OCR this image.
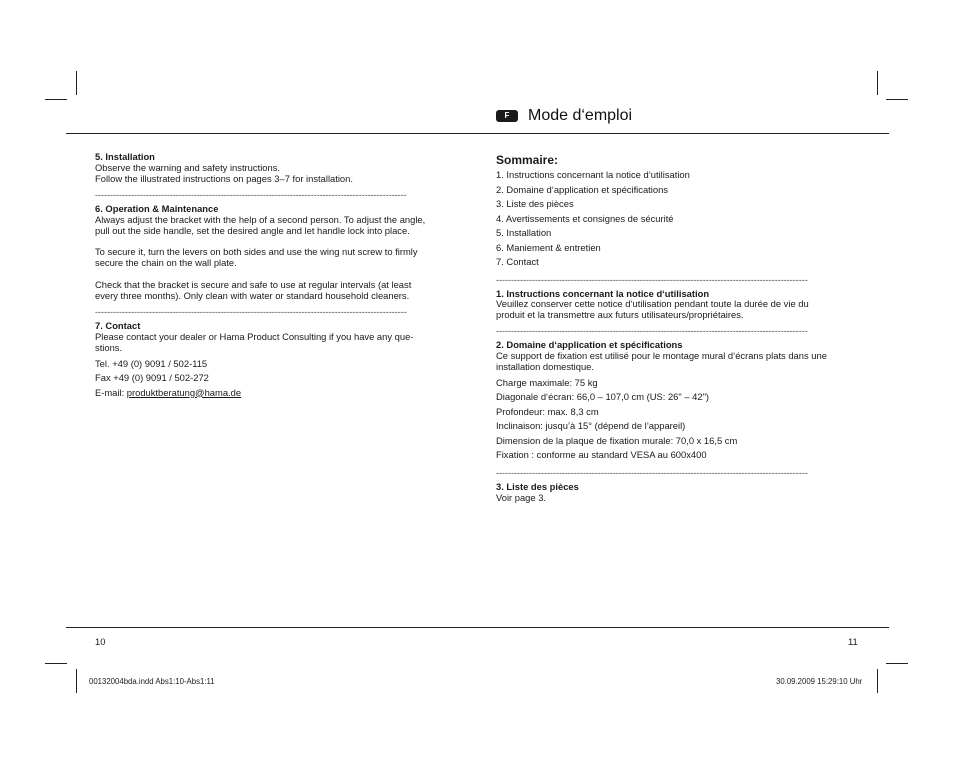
F	Mode d‘emploi
5. Installation
Observe the warning and safety instructions.
Follow the illustrated instructions on pages 3–7 for installation.
--------------------------------------------------------------------------------------------------------
6. Operation & Maintenance
Always adjust the bracket with the help of a second person. To adjust the angle,
pull out the side handle, set the desired angle and let handle lock into place.
To secure it, turn the levers on both sides and use the wing nut screw to firmly
secure the chain on the wall plate.
Check that the bracket is secure and safe to use at regular intervals (at least
every three months). Only clean with water or standard household cleaners.
--------------------------------------------------------------------------------------------------------
7. Contact
Please contact your dealer or Hama Product Consulting if you have any que-
stions.
Tel. +49 (0) 9091 / 502-115
Fax +49 (0) 9091 / 502-272
E-mail: produktberatung@hama.de
Sommaire:
1. Instructions concernant la notice d‘utilisation
2. Domaine d‘application et spécifications
3. Liste des pièces
4. Avertissements et consignes de sécurité
5. Installation
6. Maniement & entretien
7. Contact
--------------------------------------------------------------------------------------------------------
1. Instructions concernant la notice d‘utilisation
Veuillez conserver cette notice d‘utilisation pendant toute la durée de vie du
produit et la transmettre aux futurs utilisateurs/propriétaires.
--------------------------------------------------------------------------------------------------------
2. Domaine d‘application et spécifications
Ce support de fixation est utilisé pour le montage mural d‘écrans plats dans une
installation domestique.
Charge maximale: 75 kg
Diagonale d‘écran: 66,0 – 107,0 cm (US: 26" – 42")
Profondeur: max. 8,3 cm
Inclinaison: jusqu’à 15° (dépend de l’appareil)
Dimension de la plaque de fixation murale: 70,0 x 16,5 cm
Fixation : conforme au standard VESA au 600x400
--------------------------------------------------------------------------------------------------------
3. Liste des pièces
Voir page 3.
10	11
00132004bda.indd Abs1:10-Abs1:11	30.09.2009 15:29:10 Uhr
